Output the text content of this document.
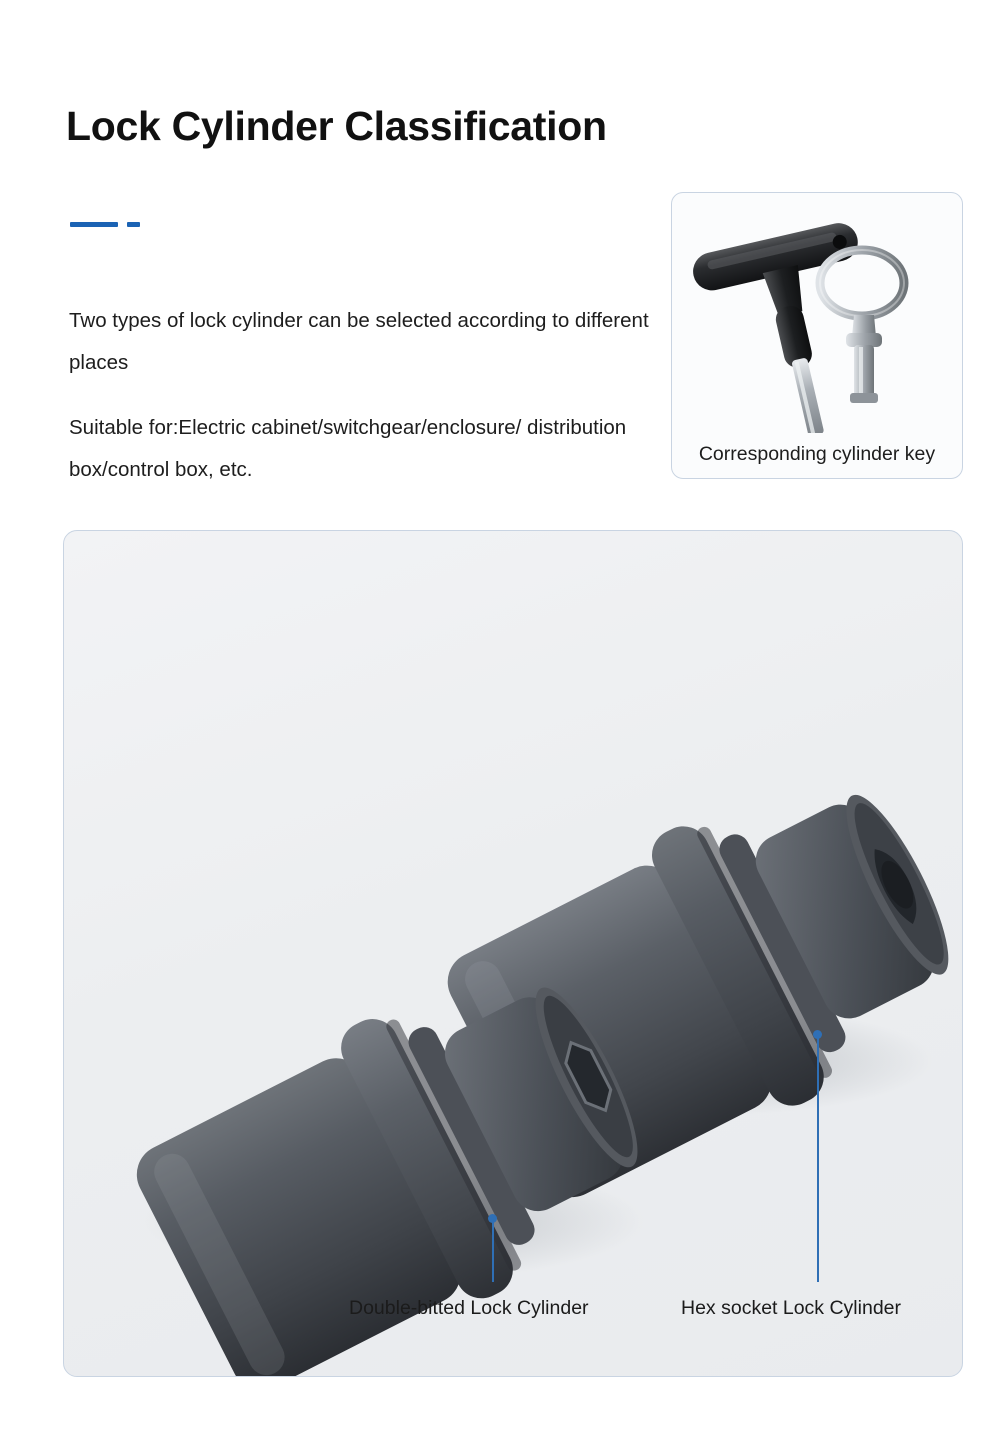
Lock Cylinder Classification

Two types of lock cylinder can be selected according to different places

Suitable for:Electric cabinet/switchgear/enclosure/ distribution box/control box, etc.

Corresponding cylinder key
Double-bitted Lock Cylinder	Hex socket Lock Cylinder
